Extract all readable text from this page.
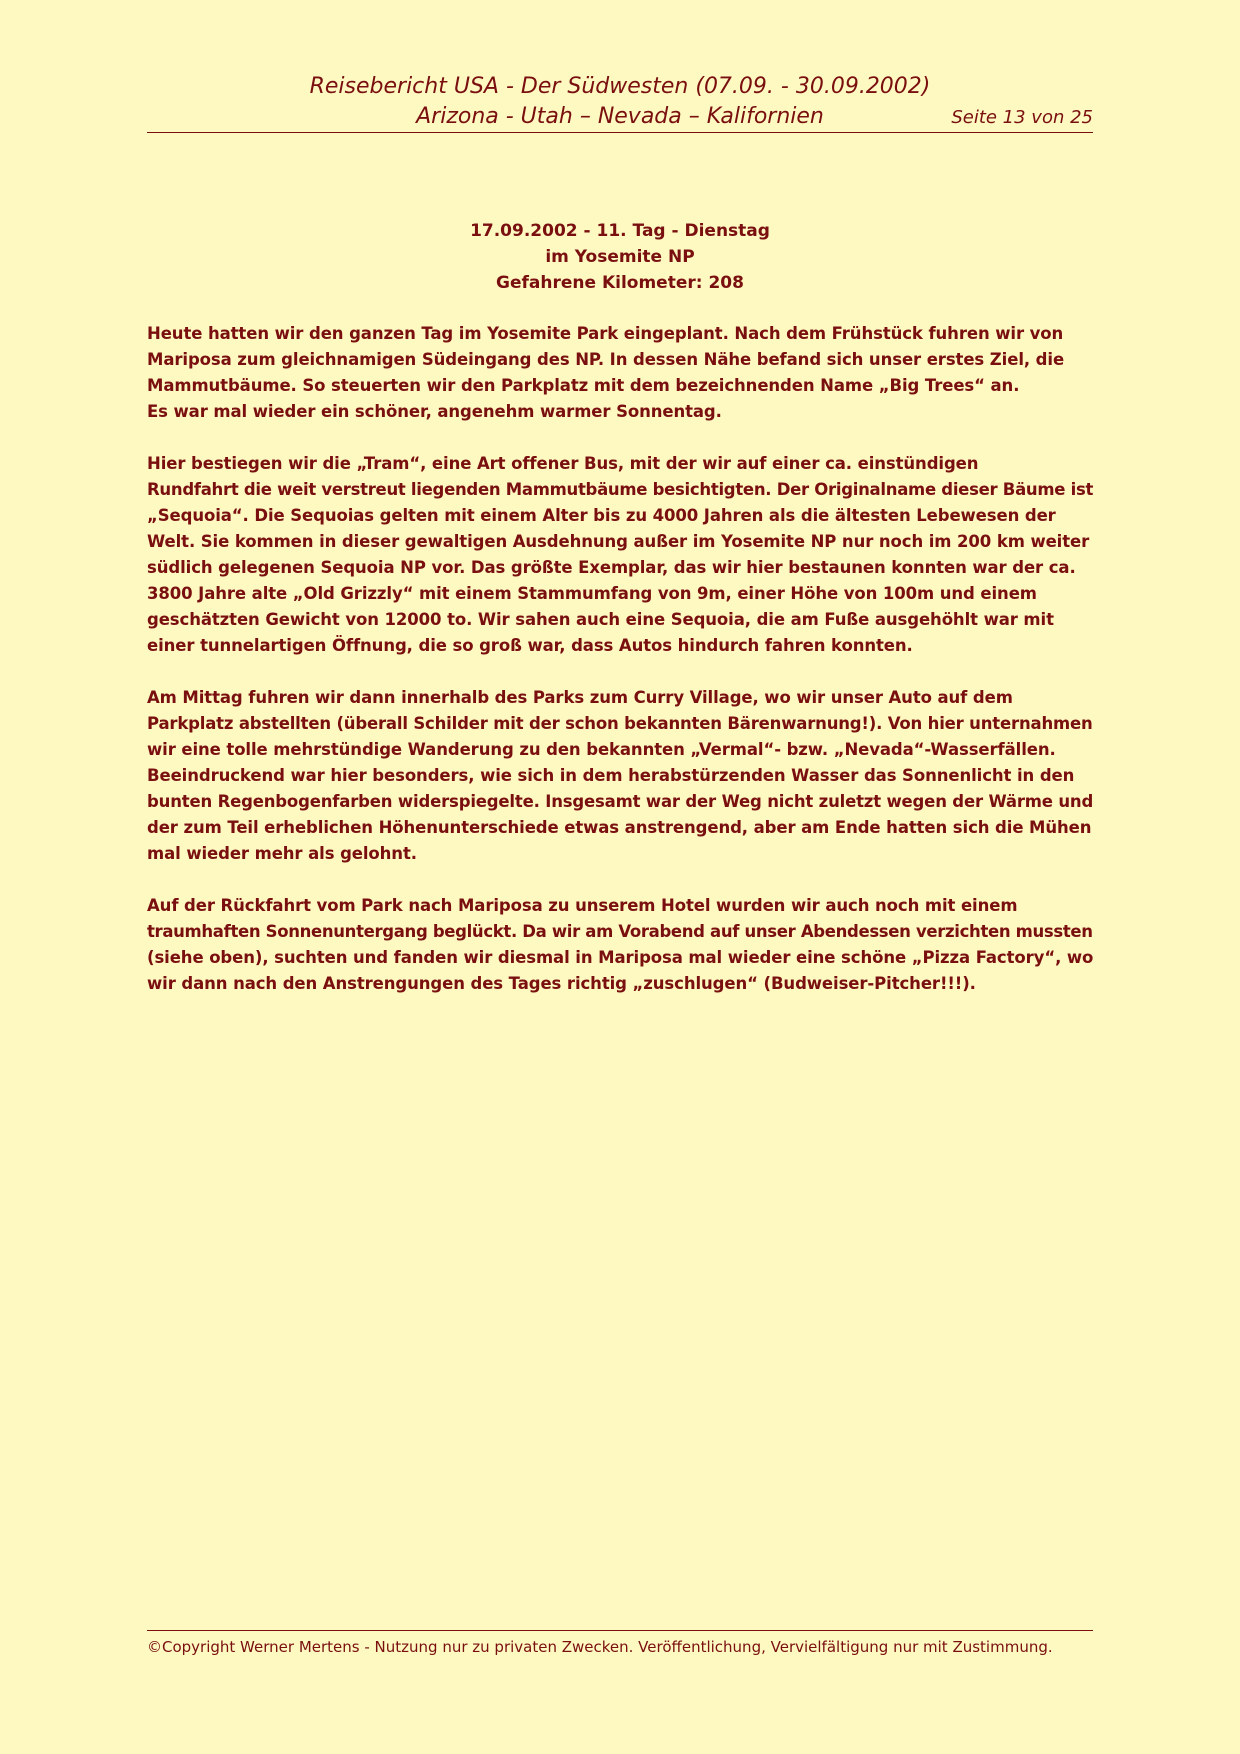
Reisebericht USA - Der Südwesten (07.09. - 30.09.2002)
Arizona - Utah – Nevada – Kalifornien	Seite 13 von 25
17.09.2002 - 11. Tag - Dienstag
im Yosemite NP
Gefahrene Kilometer: 208

Heute hatten wir den ganzen Tag im Yosemite Park eingeplant. Nach dem Frühstück fuhren wir von
Mariposa zum gleichnamigen Südeingang des NP. In dessen Nähe befand sich unser erstes Ziel, die
Mammutbäume. So steuerten wir den Parkplatz mit dem bezeichnenden Name „Big Trees“ an.
Es war mal wieder ein schöner, angenehm warmer Sonnentag.

Hier bestiegen wir die „Tram“, eine Art offener Bus, mit der wir auf einer ca. einstündigen
Rundfahrt die weit verstreut liegenden Mammutbäume besichtigten. Der Originalname dieser Bäume ist
„Sequoia“. Die Sequoias gelten mit einem Alter bis zu 4000 Jahren als die ältesten Lebewesen der
Welt. Sie kommen in dieser gewaltigen Ausdehnung außer im Yosemite NP nur noch im 200 km weiter
südlich gelegenen Sequoia NP vor. Das größte Exemplar, das wir hier bestaunen konnten war der ca.
3800 Jahre alte „Old Grizzly“ mit einem Stammumfang von 9m, einer Höhe von 100m und einem
geschätzten Gewicht von 12000 to. Wir sahen auch eine Sequoia, die am Fuße ausgehöhlt war mit
einer tunnelartigen Öffnung, die so groß war, dass Autos hindurch fahren konnten.

Am Mittag fuhren wir dann innerhalb des Parks zum Curry Village, wo wir unser Auto auf dem
Parkplatz abstellten (überall Schilder mit der schon bekannten Bärenwarnung!). Von hier unternahmen
wir eine tolle mehrstündige Wanderung zu den bekannten „Vermal“- bzw. „Nevada“-Wasserfällen.
Beeindruckend war hier besonders, wie sich in dem herabstürzenden Wasser das Sonnenlicht in den
bunten Regenbogenfarben widerspiegelte. Insgesamt war der Weg nicht zuletzt wegen der Wärme und
der zum Teil erheblichen Höhenunterschiede etwas anstrengend, aber am Ende hatten sich die Mühen
mal wieder mehr als gelohnt.

Auf der Rückfahrt vom Park nach Mariposa zu unserem Hotel wurden wir auch noch mit einem
traumhaften Sonnenuntergang beglückt. Da wir am Vorabend auf unser Abendessen verzichten mussten
(siehe oben), suchten und fanden wir diesmal in Mariposa mal wieder eine schöne „Pizza Factory“, wo
wir dann nach den Anstrengungen des Tages richtig „zuschlugen“ (Budweiser-Pitcher!!!).

©Copyright Werner Mertens - Nutzung nur zu privaten Zwecken. Veröffentlichung, Vervielfältigung nur mit Zustimmung.
